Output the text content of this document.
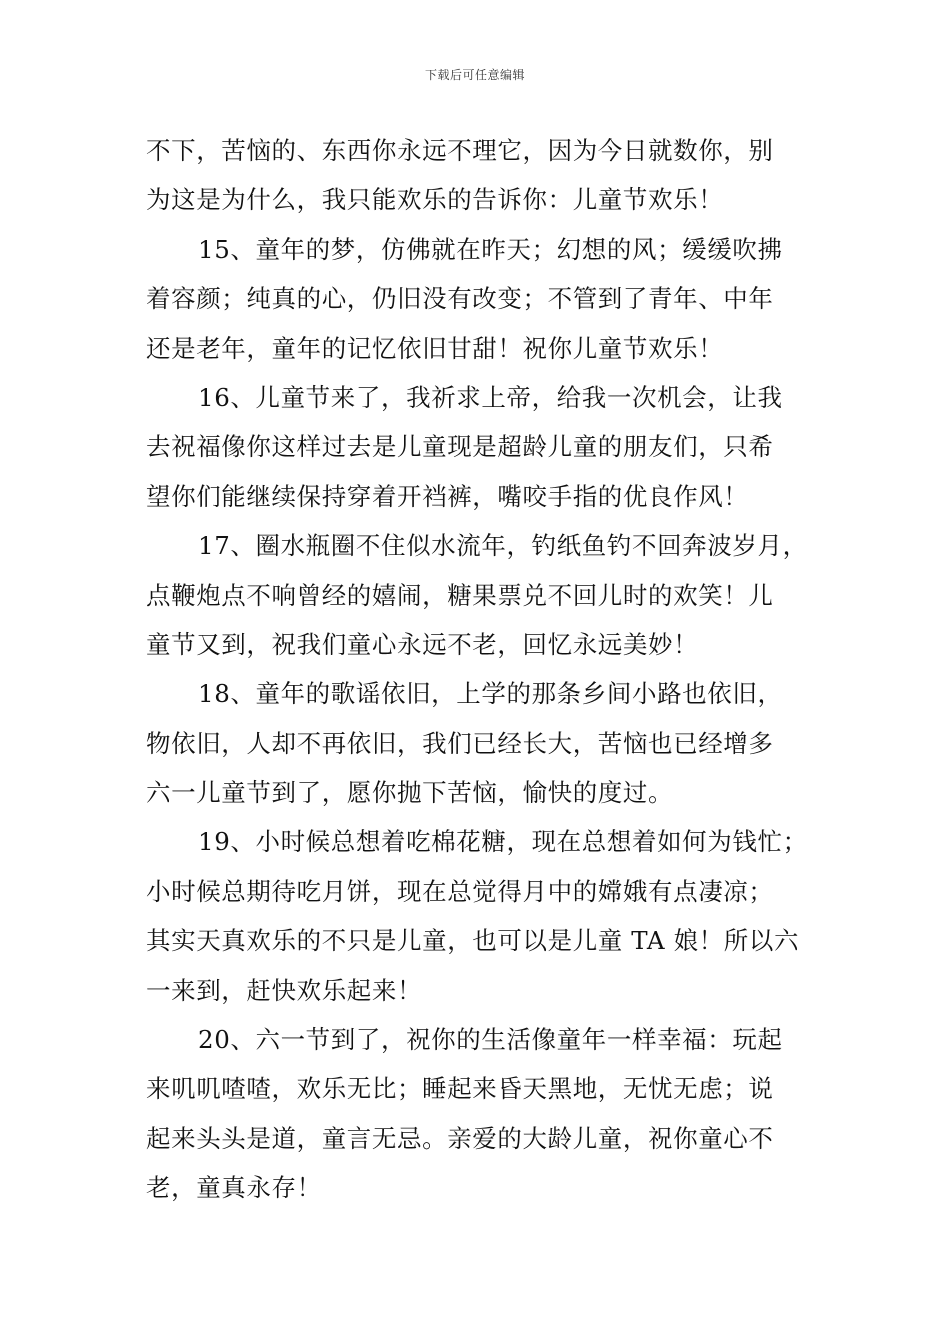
下载后可任意编辑
不下，苦恼的、东西你永远不理它，因为今日就数你，别
为这是为什么，我只能欢乐的告诉你：儿童节欢乐！
15、童年的梦，仿佛就在昨天；幻想的风；缓缓吹拂
着容颜；纯真的心，仍旧没有改变；不管到了青年、中年
还是老年，童年的记忆依旧甘甜！祝你儿童节欢乐！
16、儿童节来了，我祈求上帝，给我一次机会，让我
去祝福像你这样过去是儿童现是超龄儿童的朋友们，只希
望你们能继续保持穿着开裆裤，嘴咬手指的优良作风！
17、圈水瓶圈不住似水流年，钓纸鱼钓不回奔波岁月，
点鞭炮点不响曾经的嬉闹，糖果票兑不回儿时的欢笑！儿
童节又到，祝我们童心永远不老，回忆永远美妙！
18、童年的歌谣依旧，上学的那条乡间小路也依旧，
物依旧，人却不再依旧，我们已经长大，苦恼也已经增多
六一儿童节到了，愿你抛下苦恼，愉快的度过。
19、小时候总想着吃棉花糖，现在总想着如何为钱忙；
小时候总期待吃月饼，现在总觉得月中的嫦娥有点凄凉；
其实天真欢乐的不只是儿童，也可以是儿童 TA 娘！所以六
一来到，赶快欢乐起来！
20、六一节到了，祝你的生活像童年一样幸福：玩起
来叽叽喳喳，欢乐无比；睡起来昏天黑地，无忧无虑；说
起来头头是道，童言无忌。亲爱的大龄儿童，祝你童心不
老，童真永存！
